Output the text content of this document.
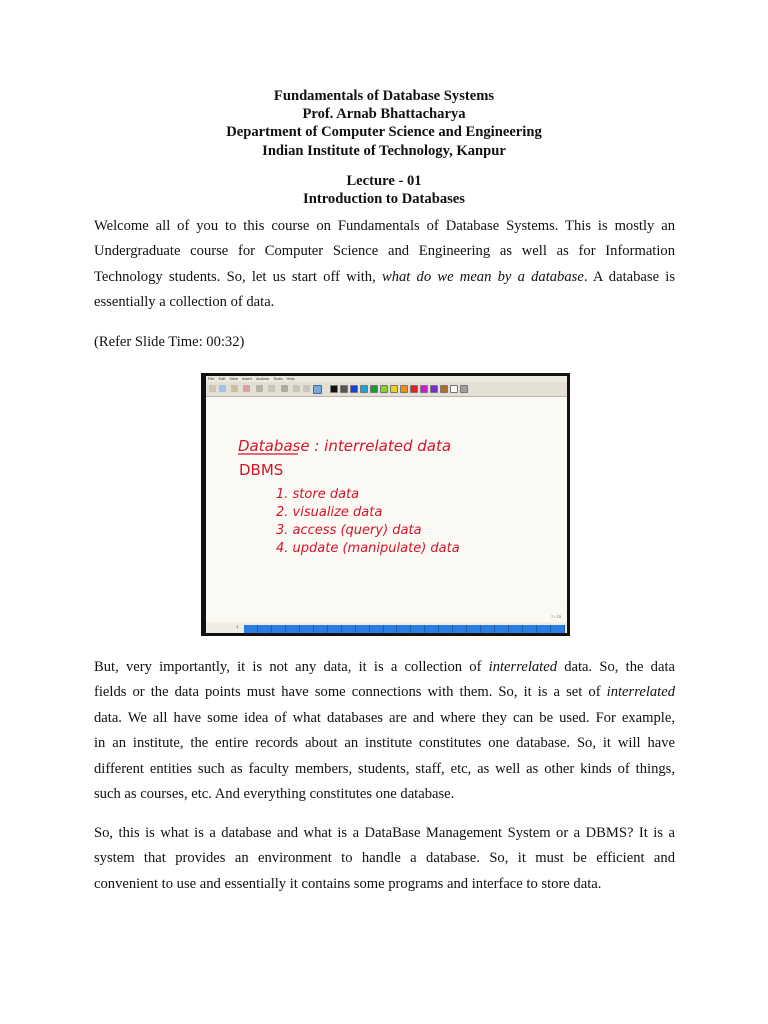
Fundamentals of Database Systems
Prof. Arnab Bhattacharya
Department of Computer Science and Engineering
Indian Institute of Technology, Kanpur
Lecture - 01
Introduction to Databases
Welcome all of you to this course on Fundamentals of Database Systems. This is mostly an
Undergraduate course for Computer Science and Engineering as well as for Information
Technology students. So, let us start off with, what do we mean by a database. A database is
essentially a collection of data.
(Refer Slide Time: 00:32)
File Edit View Insert Actions Tools Help
Database : interrelated data
DBMS
1. store data
2. visualize data
3. access (query) data
4. update (manipulate) data
7 / 23
1
But, very importantly, it is not any data, it is a collection of interrelated data. So, the data
fields or the data points must have some connections with them. So, it is a set of interrelated
data. We all have some idea of what databases are and where they can be used. For example,
in an institute, the entire records about an institute constitutes one database. So, it will have
different entities such as faculty members, students, staff, etc, as well as other kinds of things,
such as courses, etc. And everything constitutes one database.
So, this is what is a database and what is a DataBase Management System or a DBMS? It is a
system that provides an environment to handle a database. So, it must be efficient and
convenient to use and essentially it contains some programs and interface to store data.
